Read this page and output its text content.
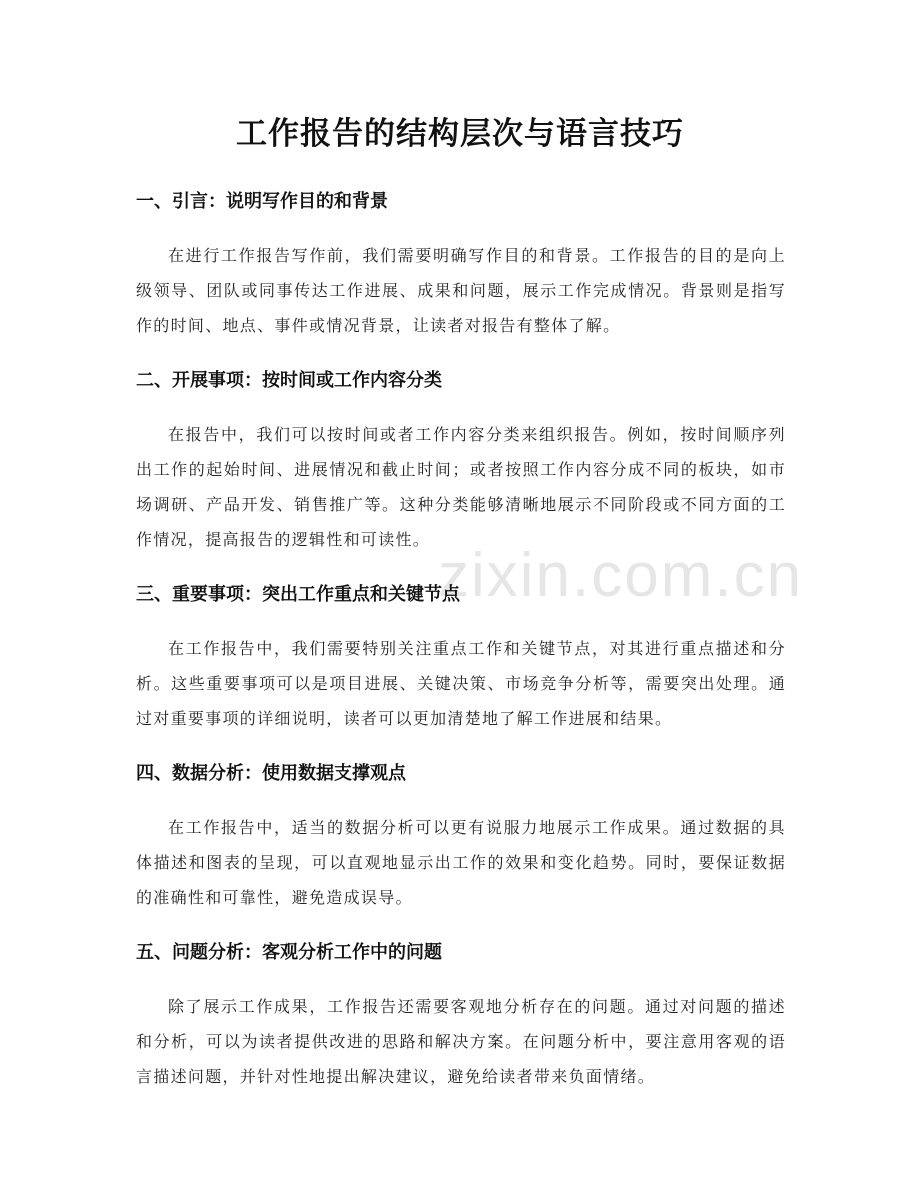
工作报告的结构层次与语言技巧
zixin.com.cn
一、引言：说明写作目的和背景

在进行工作报告写作前，我们需要明确写作目的和背景。工作报告的目的是向上级领导、团队或同事传达工作进展、成果和问题，展示工作完成情况。背景则是指写作的时间、地点、事件或情况背景，让读者对报告有整体了解。

二、开展事项：按时间或工作内容分类

在报告中，我们可以按时间或者工作内容分类来组织报告。例如，按时间顺序列出工作的起始时间、进展情况和截止时间；或者按照工作内容分成不同的板块，如市场调研、产品开发、销售推广等。这种分类能够清晰地展示不同阶段或不同方面的工作情况，提高报告的逻辑性和可读性。

三、重要事项：突出工作重点和关键节点

在工作报告中，我们需要特别关注重点工作和关键节点，对其进行重点描述和分析。这些重要事项可以是项目进展、关键决策、市场竞争分析等，需要突出处理。通过对重要事项的详细说明，读者可以更加清楚地了解工作进展和结果。

四、数据分析：使用数据支撑观点

在工作报告中，适当的数据分析可以更有说服力地展示工作成果。通过数据的具体描述和图表的呈现，可以直观地显示出工作的效果和变化趋势。同时，要保证数据的准确性和可靠性，避免造成误导。

五、问题分析：客观分析工作中的问题

除了展示工作成果，工作报告还需要客观地分析存在的问题。通过对问题的描述和分析，可以为读者提供改进的思路和解决方案。在问题分析中，要注意用客观的语言描述问题，并针对性地提出解决建议，避免给读者带来负面情绪。
